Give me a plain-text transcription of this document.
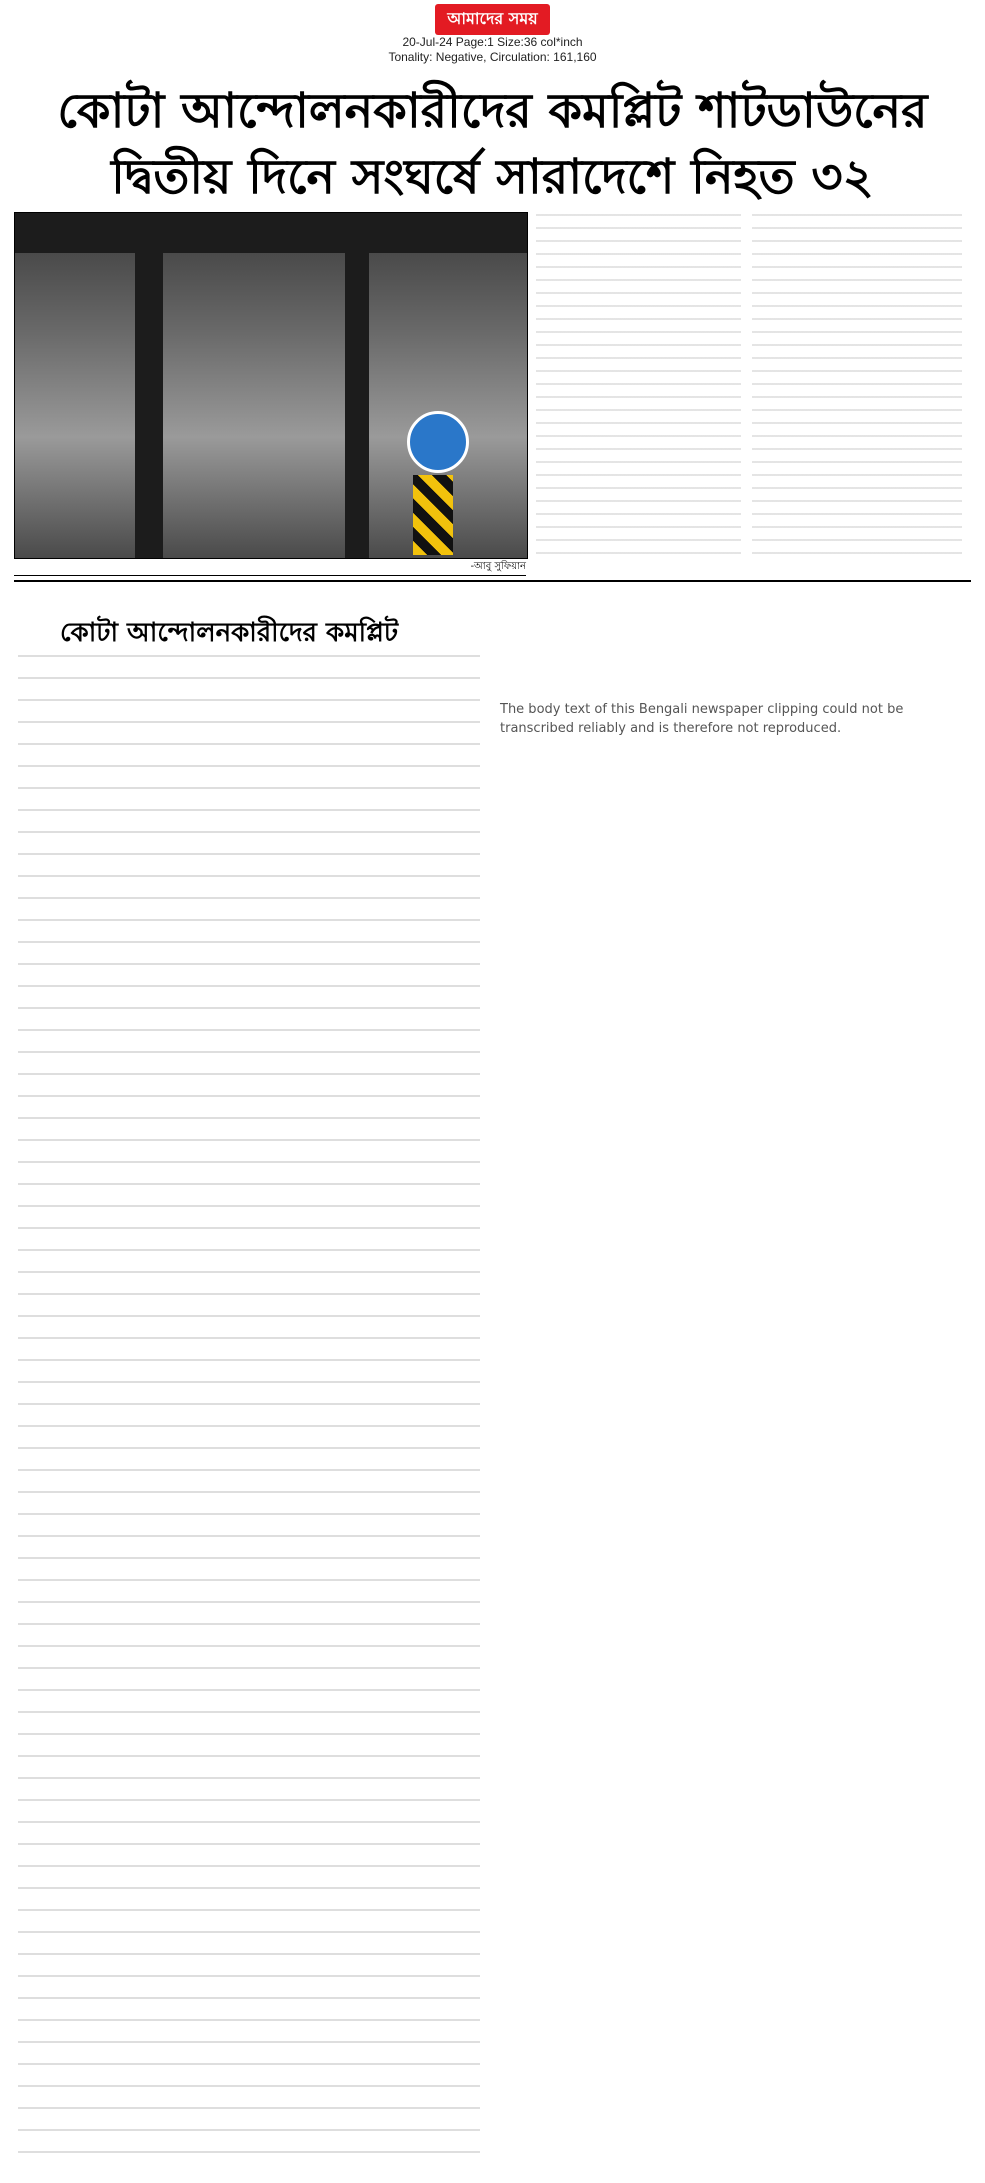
আমাদের সময়
20-Jul-24 Page:1 Size:36 col*inch
Tonality: Negative, Circulation: 161,160
কোটা আন্দোলনকারীদের কমপ্লিট শাটডাউনের
দ্বিতীয় দিনে সংঘর্ষে সারাদেশে নিহত ৩২
-আবু সুফিয়ান
কোটা আন্দোলনকারীদের কমপ্লিট
The body text of this Bengali newspaper clipping could not be transcribed reliably and is therefore not reproduced.
